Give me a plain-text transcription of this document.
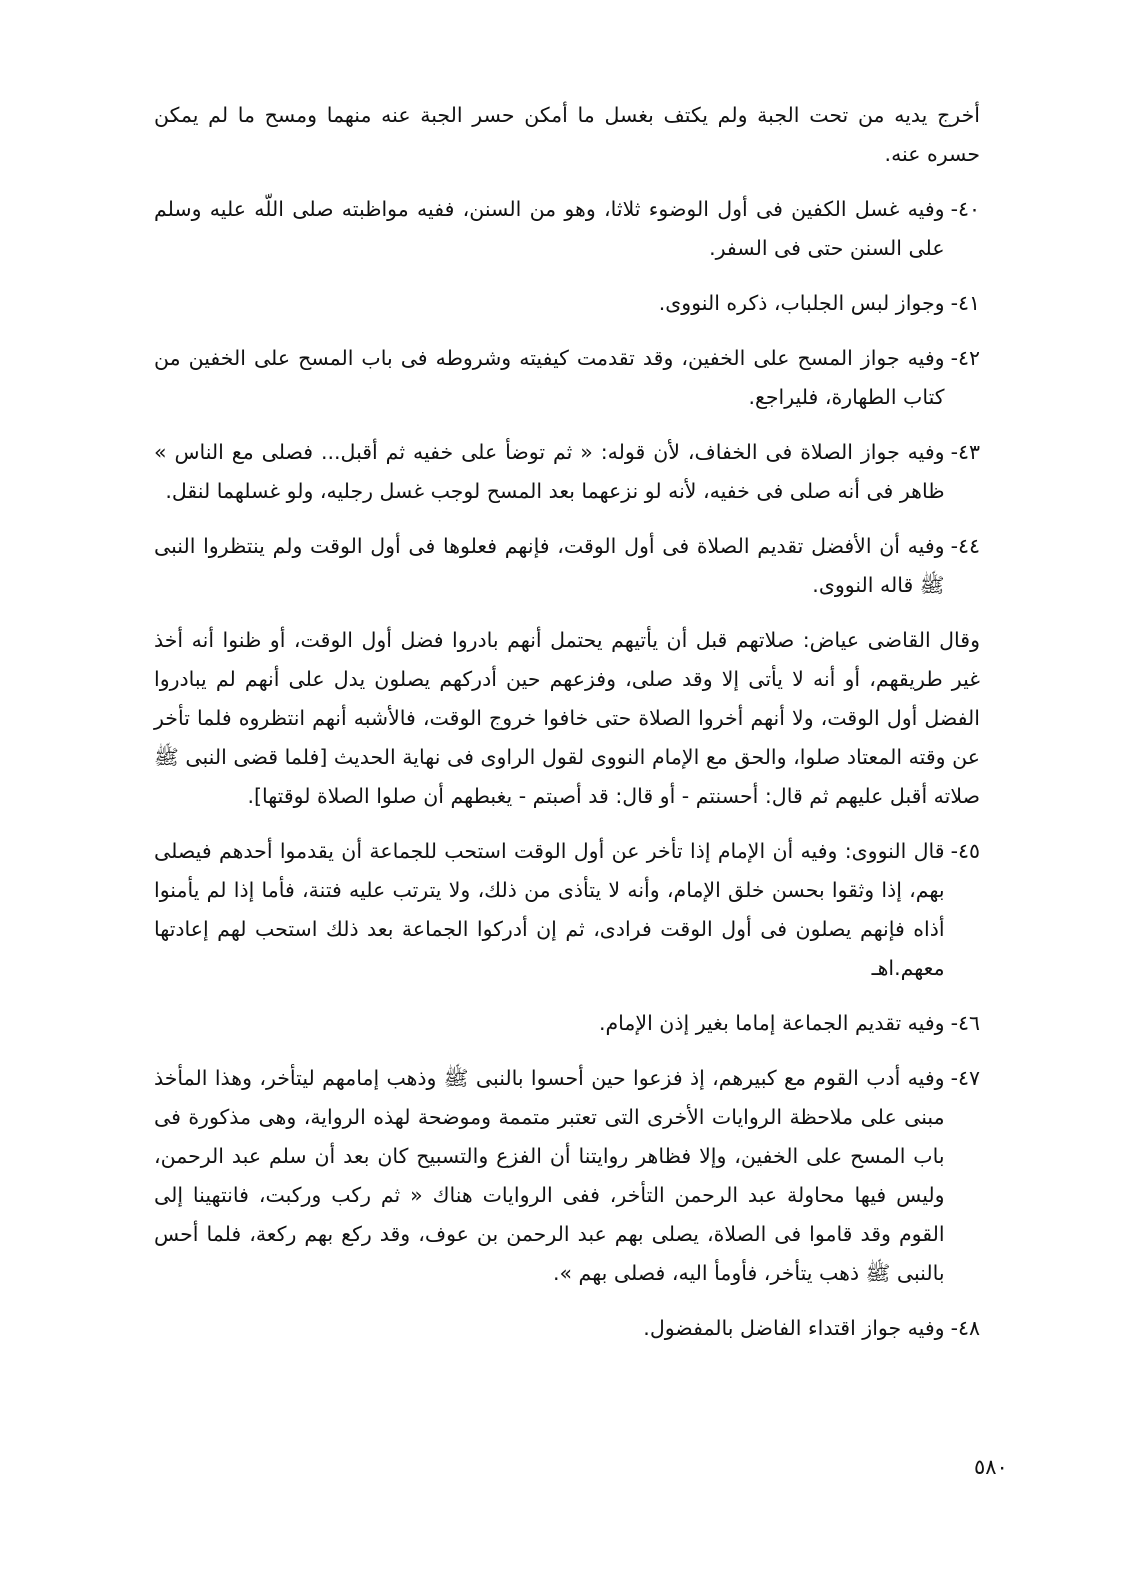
أخرج يديه من تحت الجبة ولم يكتف بغسل ما أمكن حسر الجبة عنه منهما ومسح ما لم يمكن حسره عنه.

٤٠-
وفيه غسل الكفين فى أول الوضوء ثلاثا، وهو من السنن، ففيه مواظبته صلى اللّه عليه وسلم على السنن حتى فى السفر.
٤١-
وجواز لبس الجلباب، ذكره النووى.
٤٢-
وفيه جواز المسح على الخفين، وقد تقدمت كيفيته وشروطه فى باب المسح على الخفين من كتاب الطهارة، فليراجع.
٤٣-
وفيه جواز الصلاة فى الخفاف، لأن قوله: « ثم توضأ على خفيه ثم أقبل... فصلى مع الناس » ظاهر فى أنه صلى فى خفيه، لأنه لو نزعهما بعد المسح لوجب غسل رجليه، ولو غسلهما لنقل.
٤٤-
وفيه أن الأفضل تقديم الصلاة فى أول الوقت، فإنهم فعلوها فى أول الوقت ولم ينتظروا النبى ﷺ قاله النووى.

وقال القاضى عياض: صلاتهم قبل أن يأتيهم يحتمل أنهم بادروا فضل أول الوقت، أو ظنوا أنه أخذ غير طريقهم، أو أنه لا يأتى إلا وقد صلى، وفزعهم حين أدركهم يصلون يدل على أنهم لم يبادروا الفضل أول الوقت، ولا أنهم أخروا الصلاة حتى خافوا خروج الوقت، فالأشبه أنهم انتظروه فلما تأخر عن وقته المعتاد صلوا، والحق مع الإمام النووى لقول الراوى فى نهاية الحديث [فلما قضى النبى ﷺ صلاته أقبل عليهم ثم قال: أحسنتم - أو قال: قد أصبتم - يغبطهم أن صلوا الصلاة لوقتها].

٤٥-
قال النووى: وفيه أن الإمام إذا تأخر عن أول الوقت استحب للجماعة أن يقدموا أحدهم فيصلى بهم، إذا وثقوا بحسن خلق الإمام، وأنه لا يتأذى من ذلك، ولا يترتب عليه فتنة، فأما إذا لم يأمنوا أذاه فإنهم يصلون فى أول الوقت فرادى، ثم إن أدركوا الجماعة بعد ذلك استحب لهم إعادتها معهم.اهـ
٤٦-
وفيه تقديم الجماعة إماما بغير إذن الإمام.
٤٧-
وفيه أدب القوم مع كبيرهم، إذ فزعوا حين أحسوا بالنبى ﷺ وذهب إمامهم ليتأخر، وهذا المأخذ مبنى على ملاحظة الروايات الأخرى التى تعتبر متممة وموضحة لهذه الرواية، وهى مذكورة فى باب المسح على الخفين، وإلا فظاهر روايتنا أن الفزع والتسبيح كان بعد أن سلم عبد الرحمن، وليس فيها محاولة عبد الرحمن التأخر، ففى الروايات هناك « ثم ركب وركبت، فانتهينا إلى القوم وقد قاموا فى الصلاة، يصلى بهم عبد الرحمن بن عوف، وقد ركع بهم ركعة، فلما أحس بالنبى ﷺ ذهب يتأخر، فأومأ اليه، فصلى بهم ».
٤٨-
وفيه جواز اقتداء الفاضل بالمفضول.
٥٨٠
